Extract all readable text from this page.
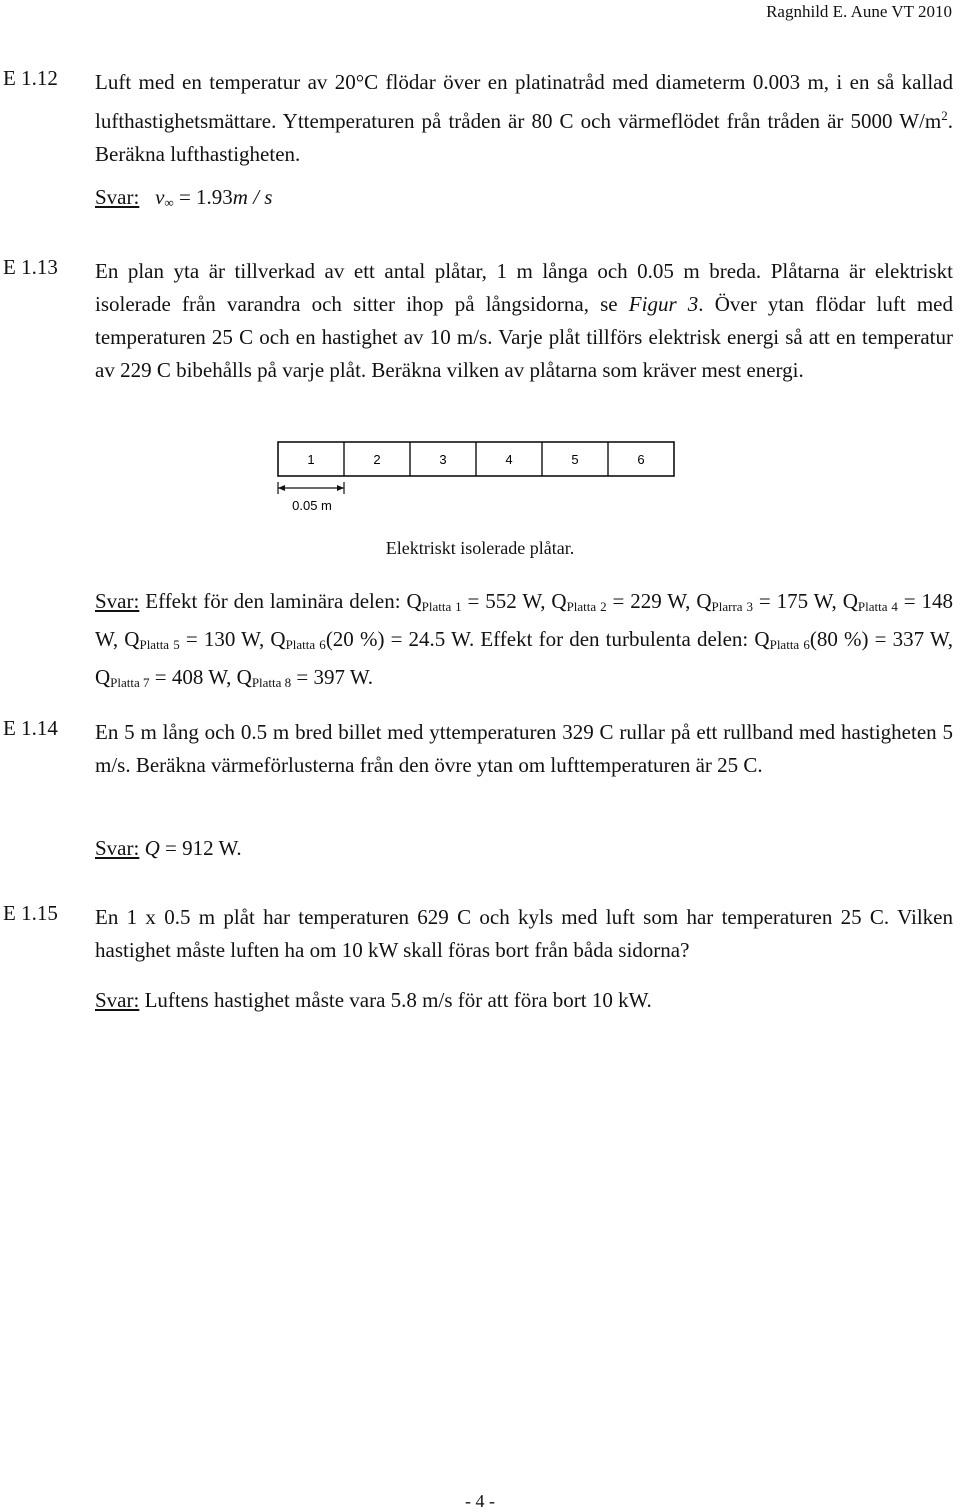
Ragnhild E. Aune VT 2010
E 1.12 Luft med en temperatur av 20°C flödar över en platinatråd med diameterm 0.003 m, i en så kallad lufthastighetsmättare. Yttemperaturen på tråden är 80 C och värmeflödet från tråden är 5000 $W/m^2$. Beräkna lufthastigheten.

Svar: $v_\infty = 1.93m / s$
E 1.13 En plan yta är tillverkad av ett antal plåtar, 1 m långa och 0.05 m breda. Plåtarna är elektriskt isolerade från varandra och sitter ihop på långsidorna, se Figur 3. Över ytan flödar luft med temperaturen 25 C och en hastighet av 10 m/s. Varje plåt tillförs elektrisk energi så att en temperatur av 229 C bibehålls på varje plåt. Beräkna vilken av plåtarna som kräver mest energi.

1	2	3	4	5	6
0.05 m
Elektriskt isolerade plåtar.

Svar: Effekt för den laminära delen: $Q_{Platta 1} = 552$ W, $Q_{Platta 2} = 229$ W, $Q_{Plarra 3} = 175$ W, $Q_{Platta 4} = 148$ W, $Q_{Platta 5} = 130$ W, $Q_{Platta 6}(20$ %) = 24.5 W. Effekt for den turbulenta delen: $Q_{Platta 6}(80$ %) = 337 W, $Q_{Platta 7} = 408$ W, $Q_{Platta 8} = 397$ W.

E 1.14 En 5 m lång och 0.5 m bred billet med yttemperaturen 329 C rullar på ett rullband med hastigheten 5 m/s. Beräkna värmeförlusterna från den övre ytan om lufttemperaturen är 25 C.

Svar: Q = 912 W.
E 1.15 En 1 x 0.5 m plåt har temperaturen 629 C och kyls med luft som har temperaturen 25 C. Vilken hastighet måste luften ha om 10 kW skall föras bort från båda sidorna?

Svar: Luftens hastighet måste vara 5.8 m/s för att föra bort 10 kW.
- 4 -
